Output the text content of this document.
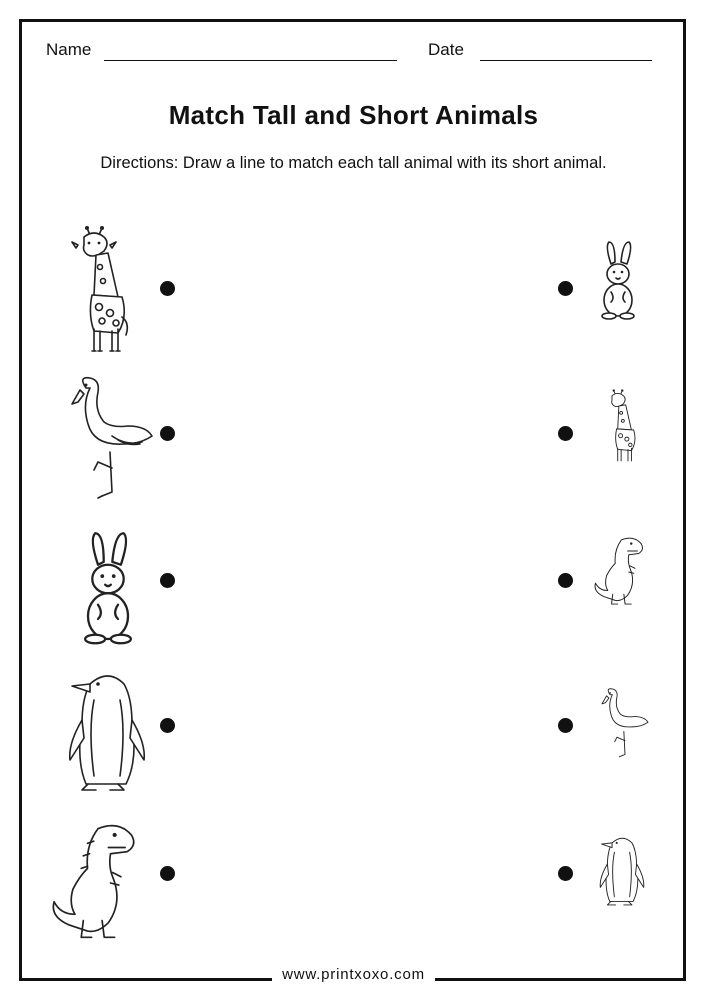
Name	Date
Match Tall and Short Animals
Directions: Draw a line to match each tall animal with its short animal.
www.printxoxo.com
